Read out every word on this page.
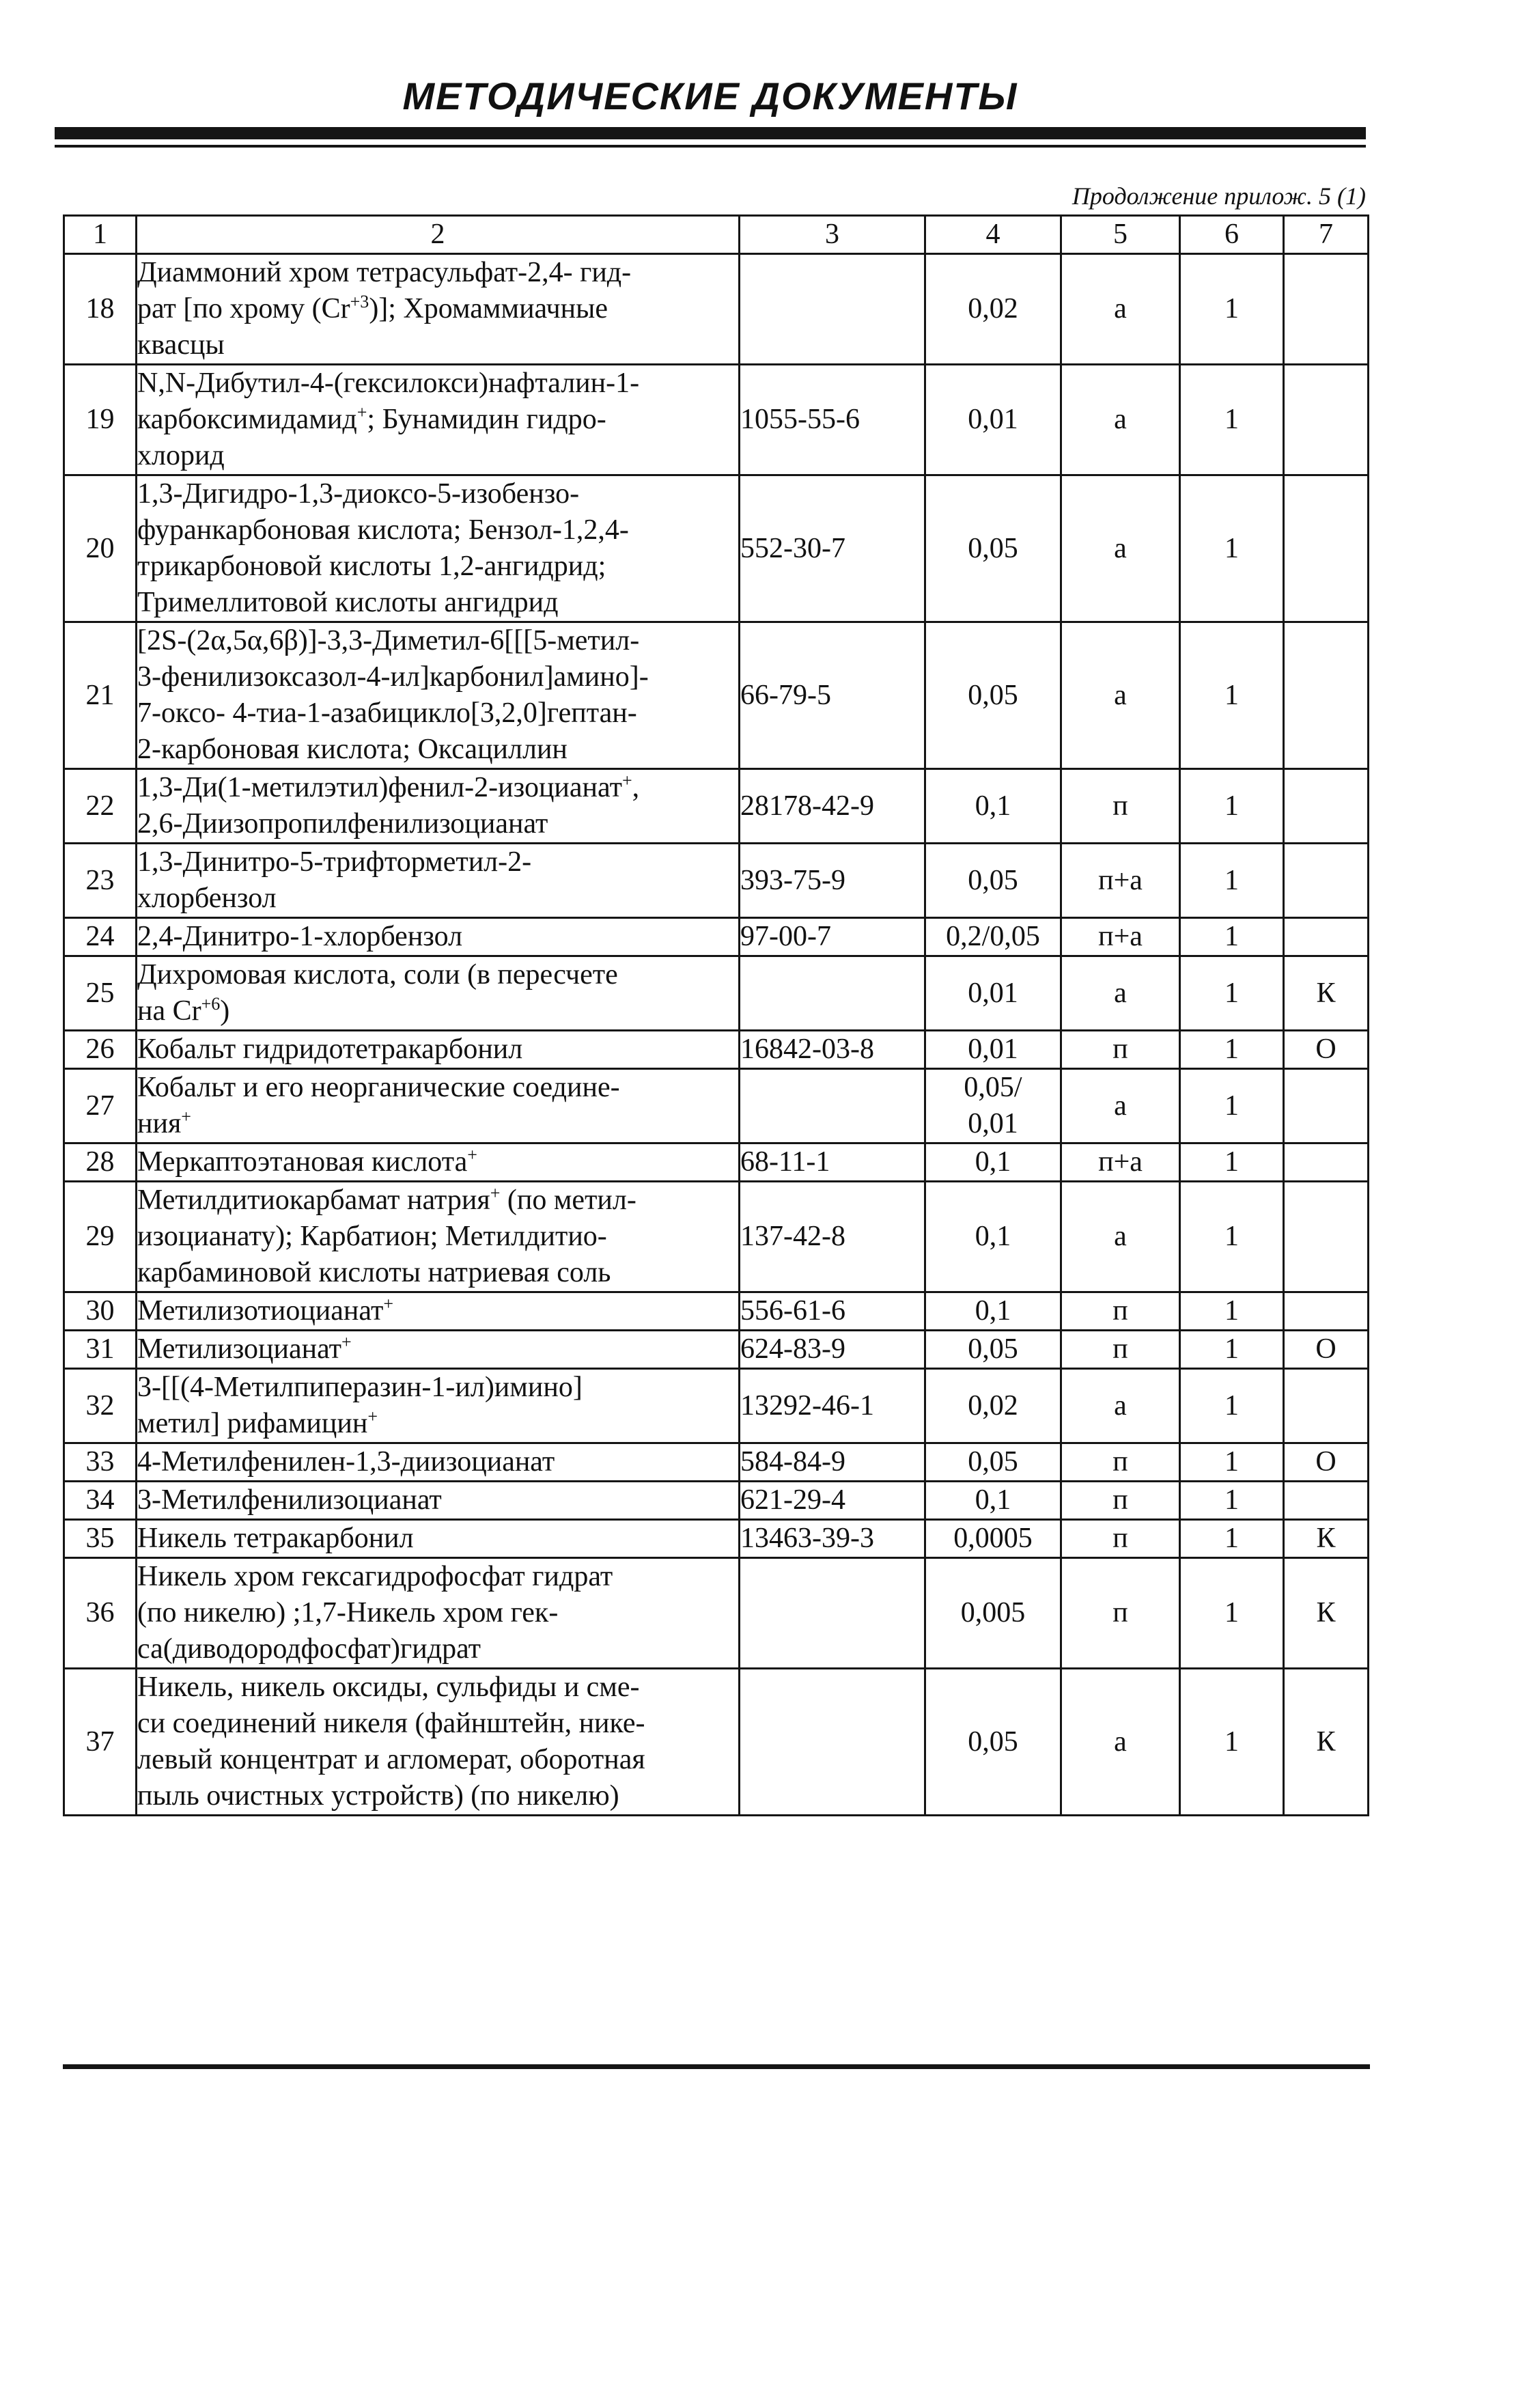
МЕТОДИЧЕСКИЕ ДОКУМЕНТЫ
Продолжение прилож. 5 (1)
1	2	3	4	5	6	7
18	Диаммоний хром тетрасульфат-2,4- гид-
рат [по хрому $(Cr^{+3})$]; Хромаммиачные
квасцы		0,02	а	1	
19	N,N-Дибутил-4-(гексилокси)нафталин-1-
карбоксимидамид+; Бунамидин гидро-
хлорид	1055-55-6	0,01	а	1	
20	1,3-Дигидро-1,3-диоксо-5-изобензо-
фуранкарбоновая кислота; Бензол-1,2,4-
трикарбоновой кислоты 1,2-ангидрид;
Тримеллитовой кислоты ангидрид	552-30-7	0,05	а	1	
21	[2S-(2α,5α,6β)]-3,3-Диметил-6[[[5-метил-
3-фенилизоксазол-4-ил]карбонил]амино]-
7-оксо- 4-тиа-1-азабицикло[3,2,0]гептан-
2-карбоновая кислота; Оксациллин	66-79-5	0,05	а	1	
22	1,3-Ди(1-метилэтил)фенил-2-изоцианат+,
2,6-Диизопропилфенилизоцианат	28178-42-9	0,1	п	1	
23	1,3-Динитро-5-трифторметил-2-
хлорбензол	393-75-9	0,05	п+а	1	
24	2,4-Динитро-1-хлорбензол	97-00-7	0,2/0,05	п+а	1	
25	Дихромовая кислота, соли (в пересчете
на $Cr^{+6}$)		0,01	а	1	К
26	Кобальт гидридотетракарбонил	16842-03-8	0,01	п	1	О
27	Кобальт и его неорганические соедине-
ния+		0,05/
0,01	а	1	
28	Меркаптоэтановая кислота+	68-11-1	0,1	п+а	1	
29	Метилдитиокарбамат натрия+ (по метил-
изоцианату); Карбатион; Метилдитио-
карбаминовой кислоты натриевая соль	137-42-8	0,1	а	1	
30	Метилизотиоцианат+	556-61-6	0,1	п	1	
31	Метилизоцианат+	624-83-9	0,05	п	1	О
32	3-[[(4-Метилпиперазин-1-ил)имино]
метил] рифамицин+	13292-46-1	0,02	а	1	
33	4-Метилфенилен-1,3-диизоцианат	584-84-9	0,05	п	1	О
34	3-Метилфенилизоцианат	621-29-4	0,1	п	1	
35	Никель тетракарбонил	13463-39-3	0,0005	п	1	К
36	Никель хром гексагидрофосфат гидрат
(по никелю) ;1,7-Никель хром гек-
са(диводородфосфат)гидрат		0,005	п	1	К
37	Никель, никель оксиды, сульфиды и сме-
си соединений никеля (файнштейн, нике-
левый концентрат и агломерат, оборотная
пыль очистных устройств) (по никелю)		0,05	а	1	К
